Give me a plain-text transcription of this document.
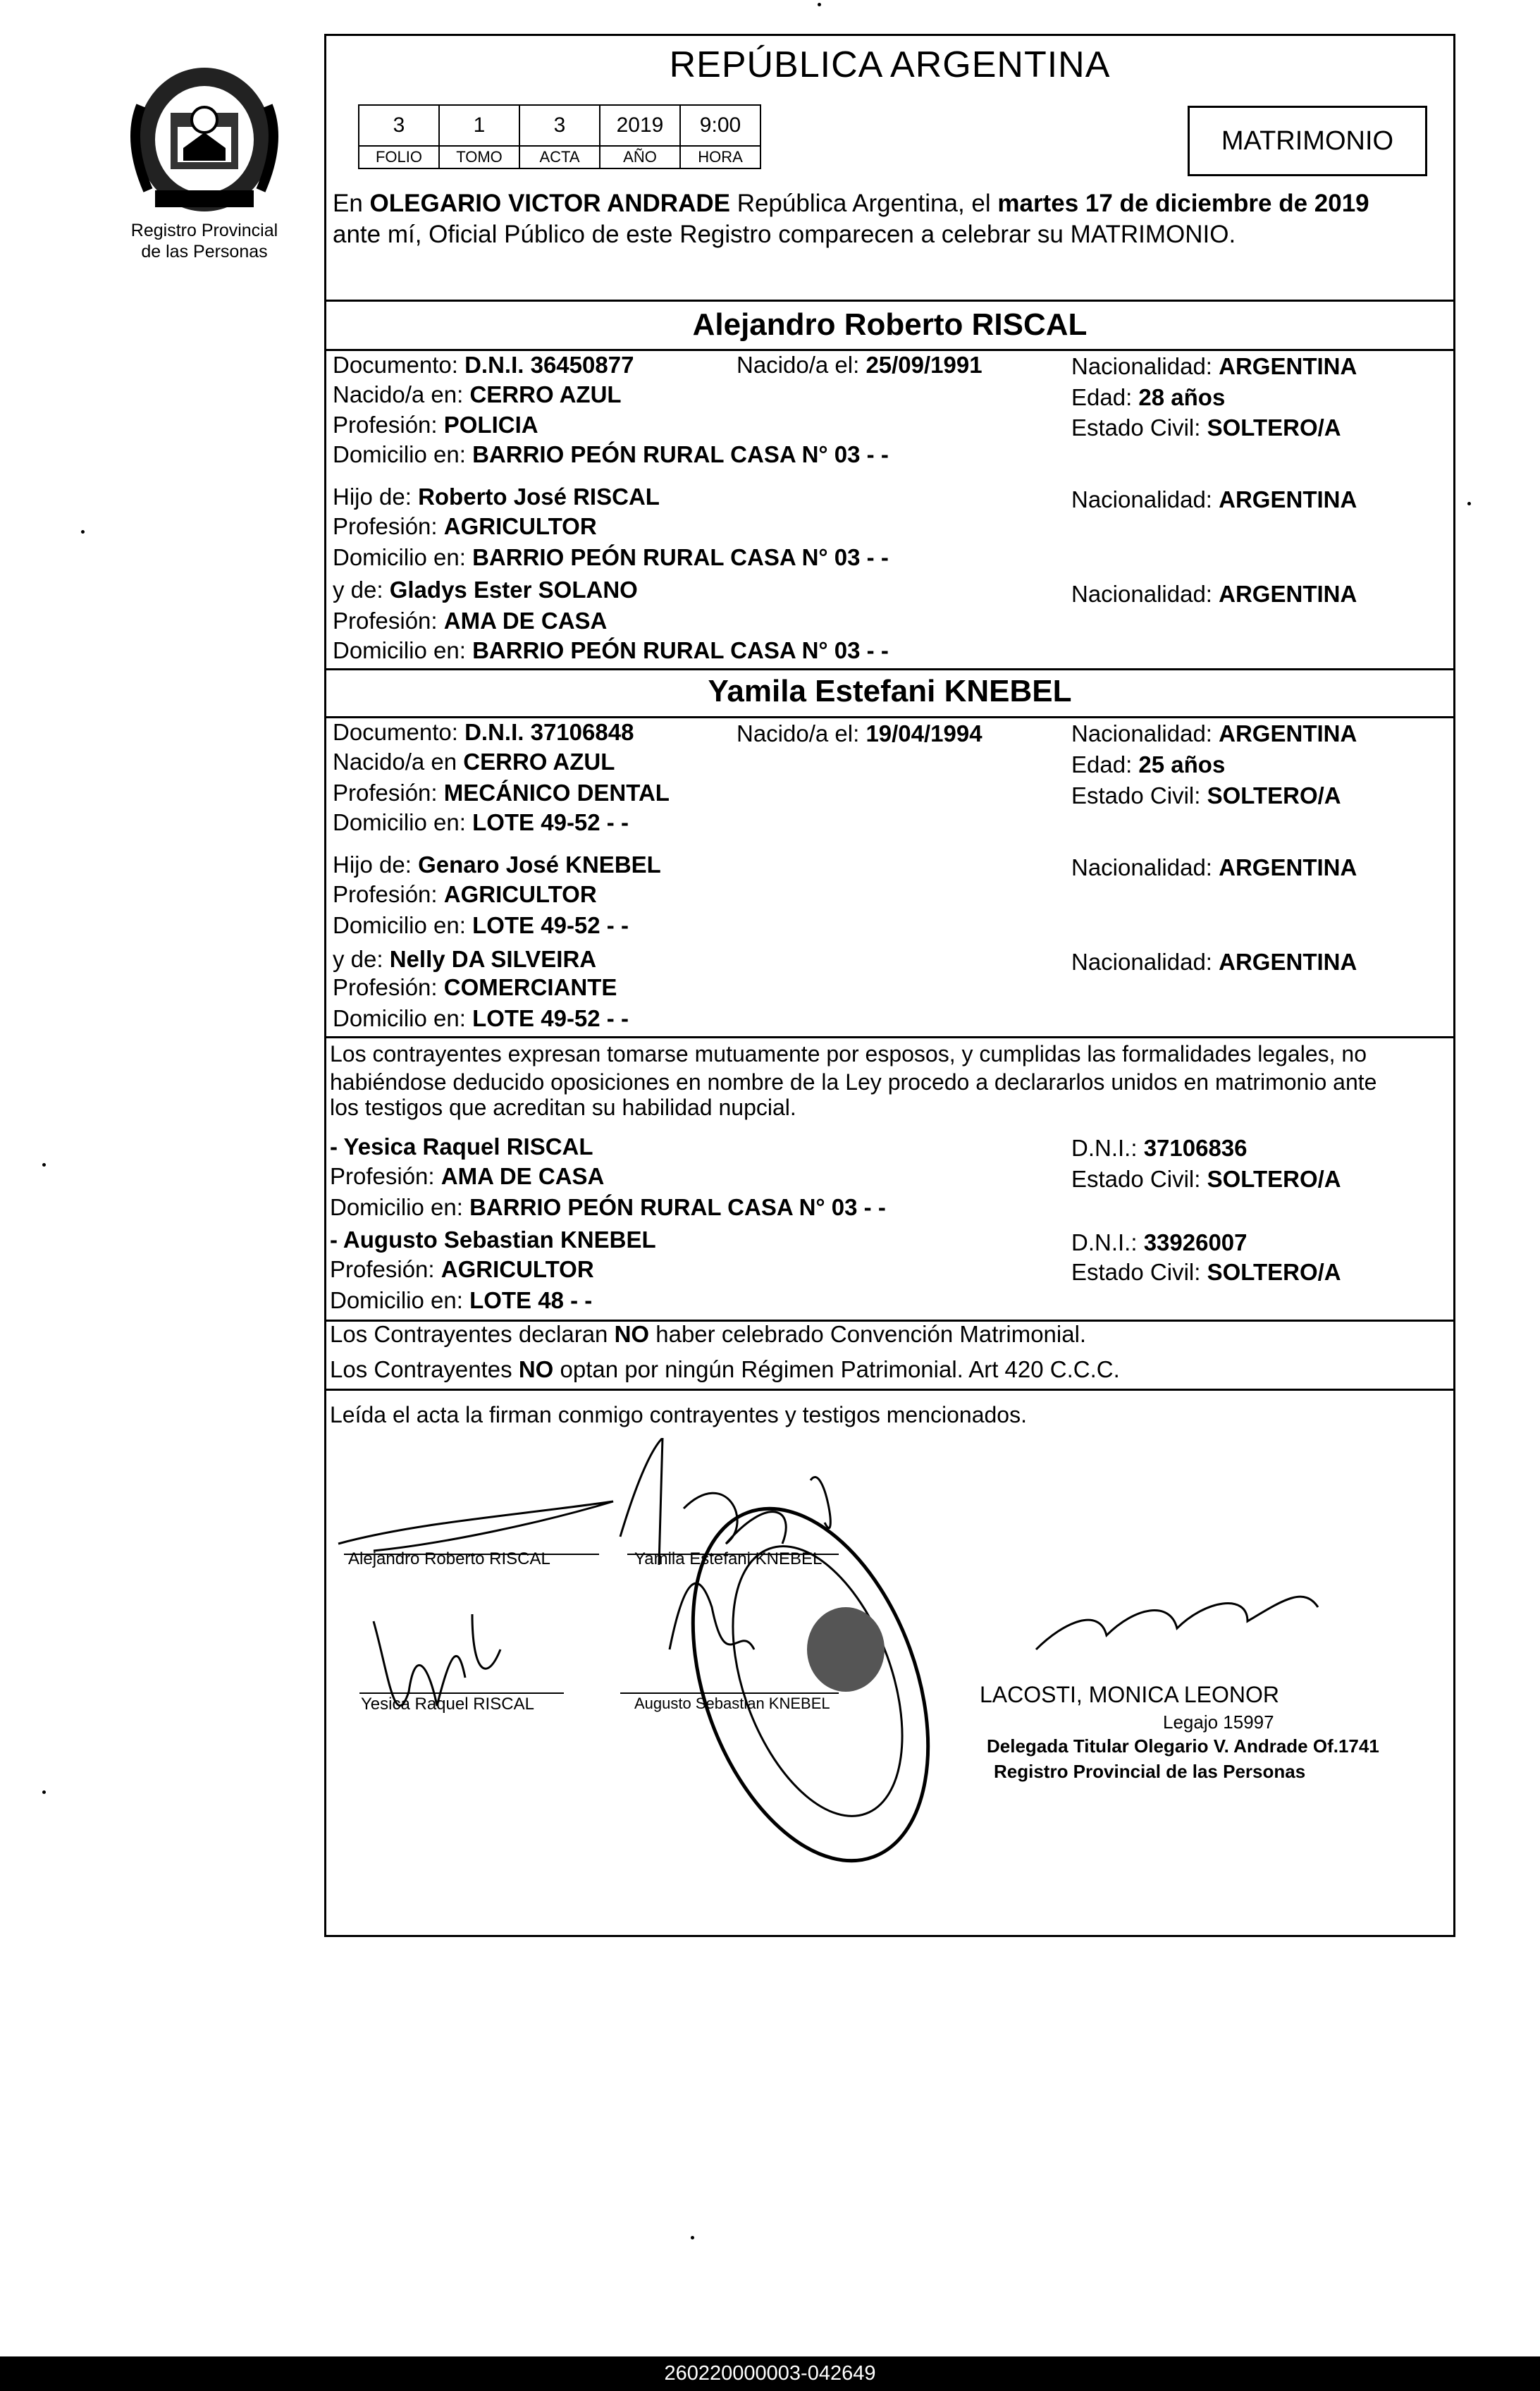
Registro Provincial
de las Personas
REPÚBLICA ARGENTINA
3	1	3	2019	9:00
FOLIO	TOMO	ACTA	AÑO	HORA
MATRIMONIO
En OLEGARIO VICTOR ANDRADE República Argentina, el martes 17 de diciembre de 2019
ante mí, Oficial Público de este Registro comparecen a celebrar su MATRIMONIO.
Alejandro Roberto RISCAL
Documento: D.N.I. 36450877	Nacido/a el: 25/09/1991	Nacionalidad: ARGENTINA
Nacido/a en: CERRO AZUL	Edad: 28 años
Profesión: POLICIA	Estado Civil: SOLTERO/A
Domicilio en: BARRIO PEÓN RURAL CASA N° 03 - -
Hijo de: Roberto José RISCAL	Nacionalidad: ARGENTINA
Profesión: AGRICULTOR
Domicilio en: BARRIO PEÓN RURAL CASA N° 03 - -
y de: Gladys Ester SOLANO	Nacionalidad: ARGENTINA
Profesión: AMA DE CASA
Domicilio en: BARRIO PEÓN RURAL CASA N° 03 - -
Yamila Estefani KNEBEL
Documento: D.N.I. 37106848	Nacido/a el: 19/04/1994	Nacionalidad: ARGENTINA
Nacido/a en CERRO AZUL	Edad: 25 años
Profesión: MECÁNICO DENTAL	Estado Civil: SOLTERO/A
Domicilio en: LOTE 49-52 - -
Hijo de: Genaro José KNEBEL	Nacionalidad: ARGENTINA
Profesión: AGRICULTOR
Domicilio en: LOTE 49-52 - -
y de: Nelly DA SILVEIRA	Nacionalidad: ARGENTINA
Profesión: COMERCIANTE
Domicilio en: LOTE 49-52 - -
Los contrayentes expresan tomarse mutuamente por esposos, y cumplidas las formalidades legales, no
habiéndose deducido oposiciones en nombre de la Ley procedo a declararlos unidos en matrimonio ante
los testigos que acreditan su habilidad nupcial.
- Yesica Raquel RISCAL	D.N.I.: 37106836
Profesión: AMA DE CASA	Estado Civil: SOLTERO/A
Domicilio en: BARRIO PEÓN RURAL CASA N° 03 - -
- Augusto Sebastian KNEBEL	D.N.I.: 33926007
Profesión: AGRICULTOR	Estado Civil: SOLTERO/A
Domicilio en: LOTE 48 - -
Los Contrayentes declaran NO haber celebrado Convención Matrimonial.
Los Contrayentes NO optan por ningún Régimen Patrimonial. Art 420 C.C.C.
Leída el acta la firman conmigo contrayentes y testigos mencionados.
Alejandro Roberto RISCAL	Yamila Estefani KNEBEL
Yesica Raquel RISCAL	Augusto Sebastian KNEBEL	LACOSTI, MONICA LEONOR
Legajo 15997
Delegada Titular Olegario V. Andrade Of.1741
Registro Provincial de las Personas
260220000003-042649
